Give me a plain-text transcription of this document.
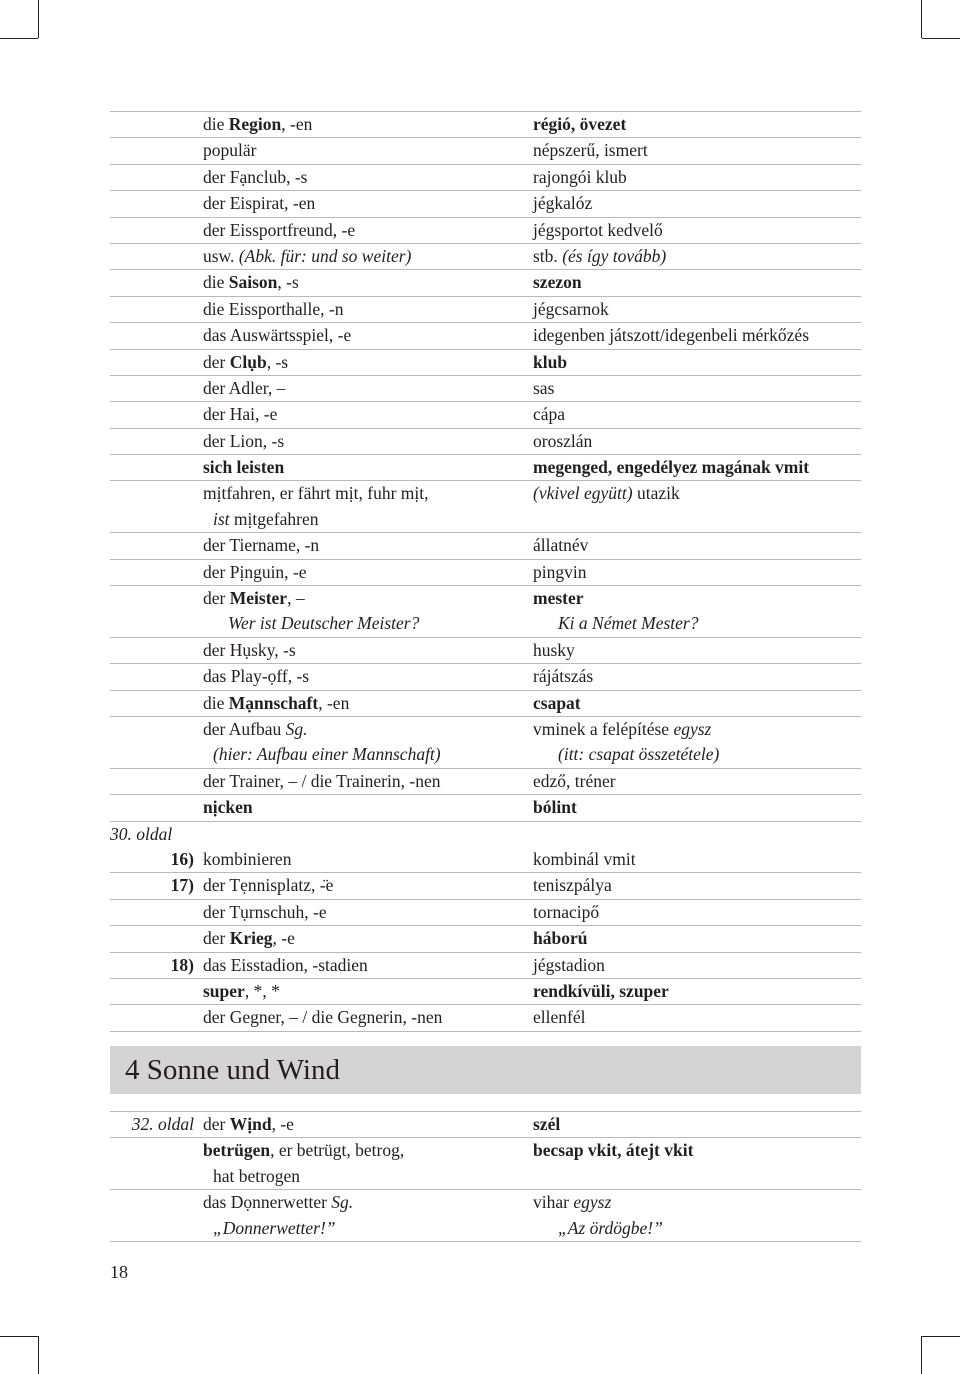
die Region, -en	régió, övezet
populär	népszerű, ismert
der Fạnclub, -s	rajongói klub
der Eispirat, -en	jégkalóz
der Eissportfreund, -e	jégsportot kedvelő
usw. (Abk. für: und so weiter)	stb. (és így tovább)
die Saison, -s	szezon
die Eissporthalle, -n	jégcsarnok
das Auswärtsspiel, -e	idegenben játszott/idegenbeli mérkőzés
der Clụb, -s	klub
der Adler, –	sas
der Hai, -e	cápa
der Lion, -s	oroszlán
sich leisten	megenged, engedélyez magának vmit
mịtfahren, er fährt mịt, fuhr mịt,	(vkivel együtt) utazik
ist mịtgefahren
der Tiername, -n	állatnév
der Pịnguin, -e	pingvin
der Meister, –	mester
Wer ist Deutscher Meister?	Ki a Német Mester?
der Hụsky, -s	husky
das Play-ọff, -s	rájátszás
die Mạnnschaft, -en	csapat
der Aufbau Sg.	vminek a felépítése egysz
(hier: Aufbau einer Mannschaft)	(itt: csapat összetétele)
der Trainer, – / die Trainerin, -nen	edző, tréner
nịcken	bólint
30. oldal
16) kombinieren	kombinál vmit
17) der Tẹnnisplatz, -̈e	teniszpálya
der Tụrnschuh, -e	tornacipő
der Krieg, -e	háború
18) das Eisstadion, -stadien	jégstadion
super, *, *	rendkívüli, szuper
der Gegner, – / die Gegnerin, -nen	ellenfél
4 Sonne und Wind
32. oldal der Wịnd, -e	szél
betrügen, er betrügt, betrog,	becsap vkit, átejt vkit
hat betrogen
das Dọnnerwetter Sg.	vihar egysz
„Donnerwetter!”	„Az ördögbe!”
18
